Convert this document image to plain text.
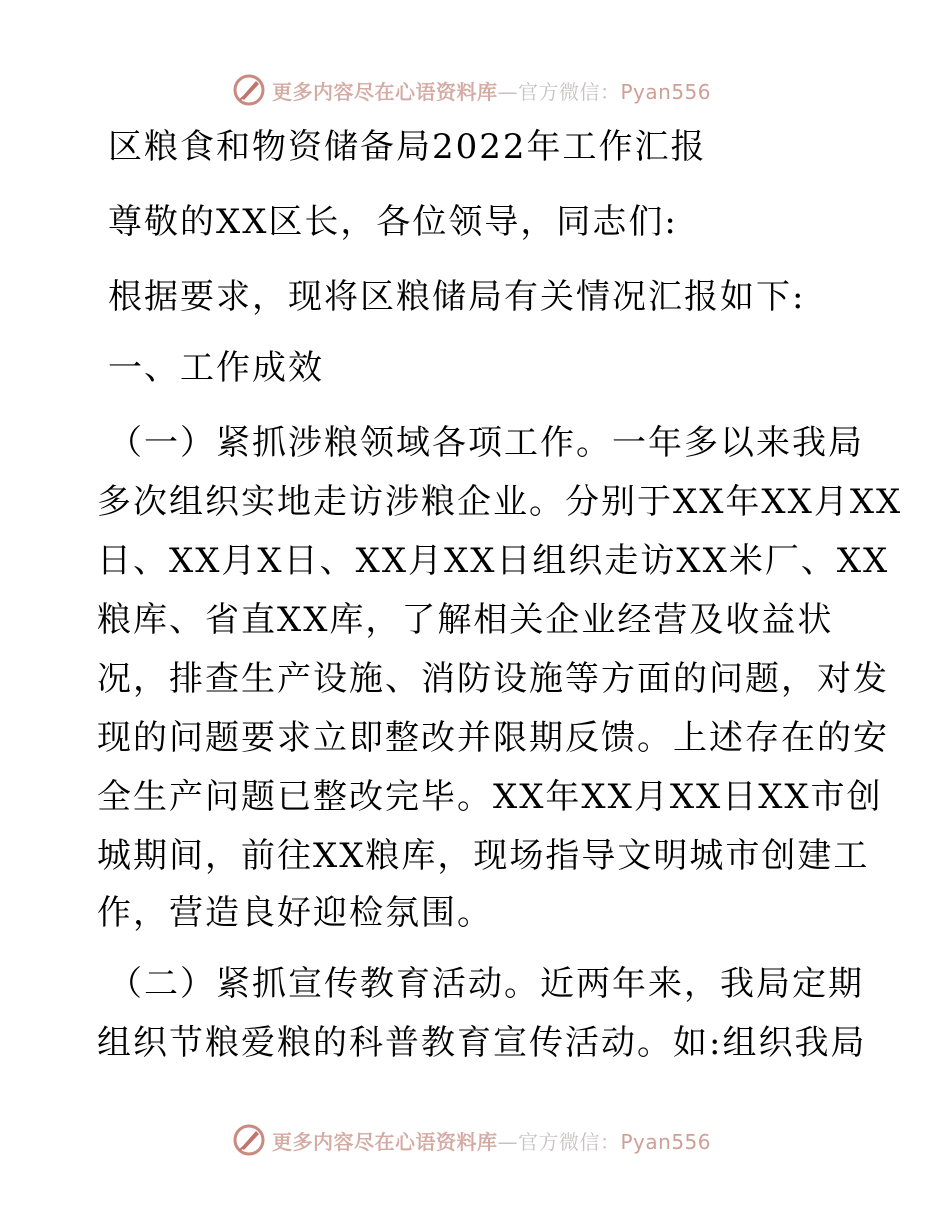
更多内容尽在心语资料库—官方微信：Pyan556
区粮食和物资储备局2022年工作汇报
尊敬的XX区长，各位领导，同志们:
根据要求，现将区粮储局有关情况汇报如下:
一、工作成效
（一）紧抓涉粮领域各项工作。一年多以来我局
多次组织实地走访涉粮企业。分别于XX年XX月XX
日、XX月X日、XX月XX日组织走访XX米厂、XX
粮库、省直XX库，了解相关企业经营及收益状
况，排查生产设施、消防设施等方面的问题，对发
现的问题要求立即整改并限期反馈。上述存在的安
全生产问题已整改完毕。XX年XX月XX日XX市创
城期间，前往XX粮库，现场指导文明城市创建工
作，营造良好迎检氛围。
（二）紧抓宣传教育活动。近两年来，我局定期
组织节粮爱粮的科普教育宣传活动。如:组织我局
更多内容尽在心语资料库—官方微信：Pyan556
